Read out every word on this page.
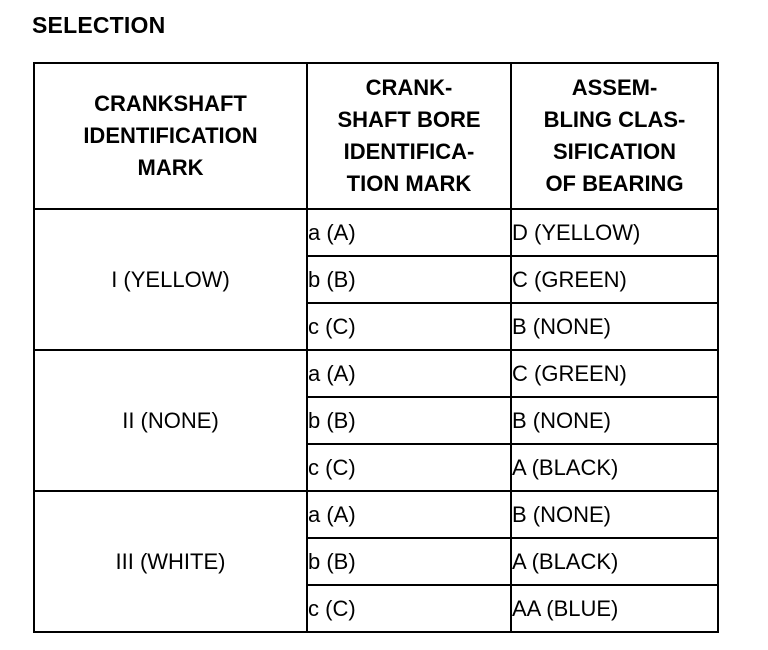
SELECTION
CRANKSHAFT
IDENTIFICATION
MARK	CRANK-
SHAFT BORE
IDENTIFICA-
TION MARK	ASSEM-
BLING CLAS-
SIFICATION
OF BEARING

I (YELLOW)	a (A)	D (YELLOW)
	b (B)	C (GREEN)
	c (C)	B (NONE)
II (NONE)	a (A)	C (GREEN)
	b (B)	B (NONE)
	c (C)	A (BLACK)
III (WHITE)	a (A)	B (NONE)
	b (B)	A (BLACK)
	c (C)	AA (BLUE)
